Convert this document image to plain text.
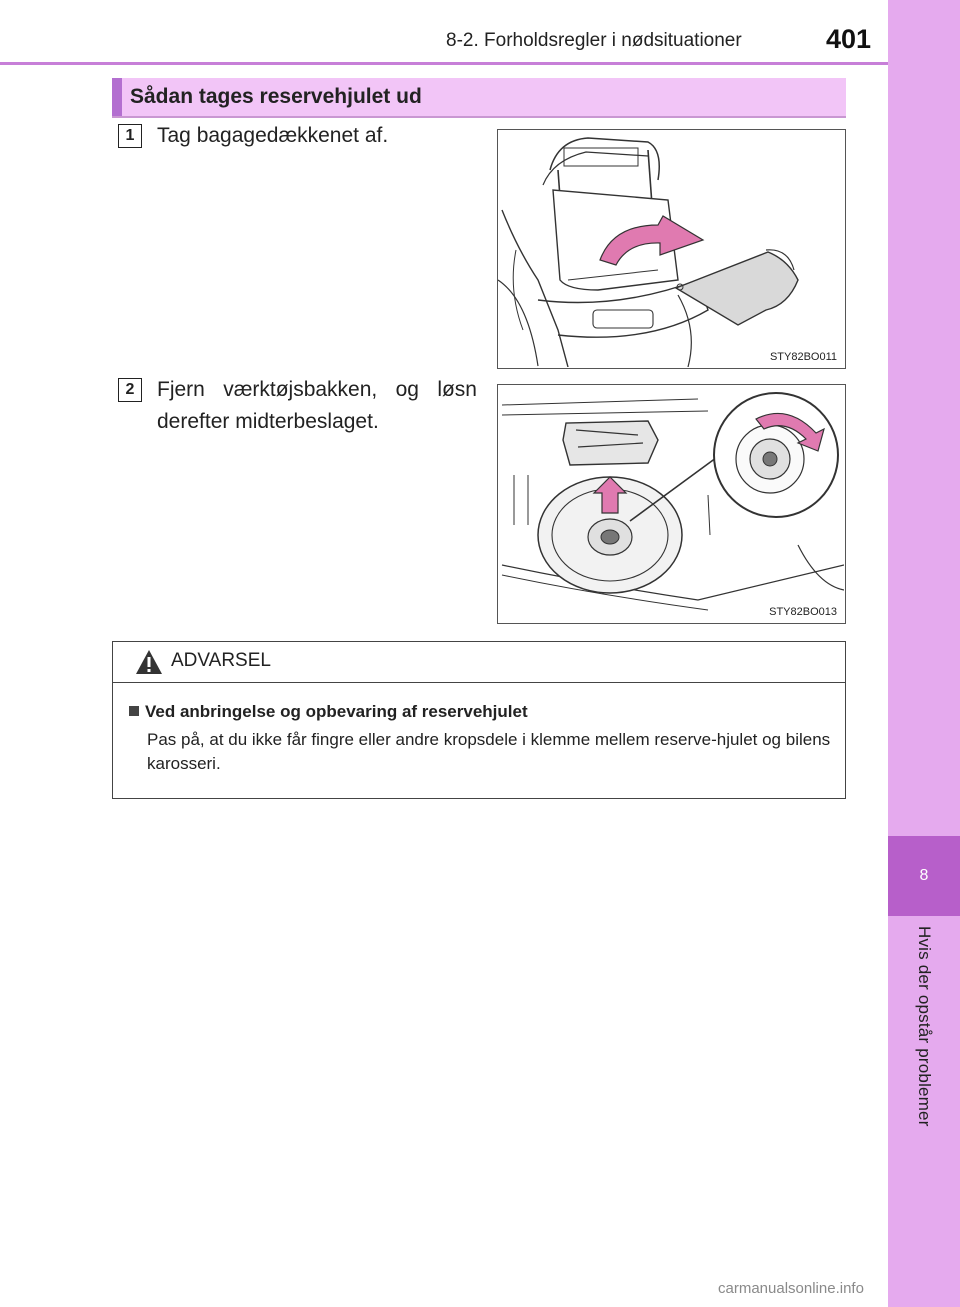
8-2. Forholdsregler i nødsituationer	401
8
Hvis der opstår problemer
Sådan tages reservehjulet ud
1	Tag bagagedækkenet af.
STY82BO011
2	Fjern værktøjsbakken, og løsn derefter midterbeslaget.
STY82BO013
ADVARSEL
Ved anbringelse og opbevaring af reservehjulet
Pas på, at du ikke får fingre eller andre kropsdele i klemme mellem reserve-hjulet og bilens karosseri.
carmanualsonline.info
